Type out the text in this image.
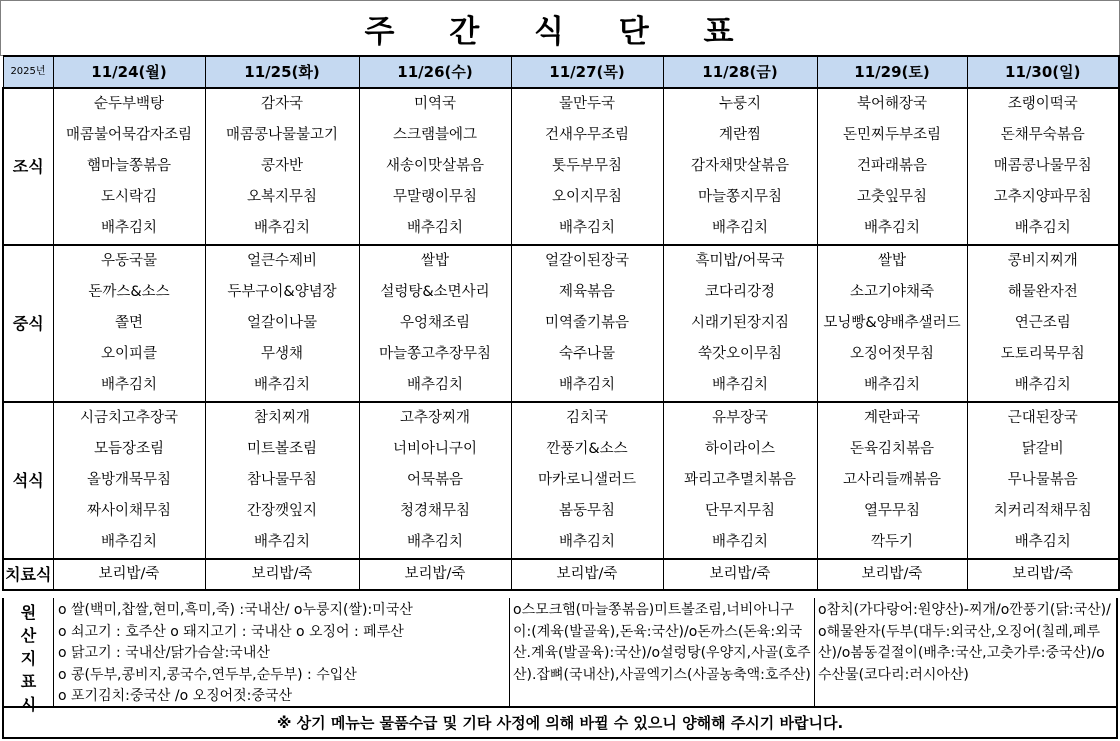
주 간 식 단 표
2025년	11/24(월)	11/25(화)	11/26(수)	11/27(목)	11/28(금)	11/29(토)	11/30(일)
조식	순두부백탕	감자국	미역국	물만두국	누룽지	북어해장국	조랭이떡국
	매콤불어묵감자조림	매콤콩나물불고기	스크램블에그	건새우무조림	계란찜	돈민찌두부조림	돈채무숙볶음
	햄마늘쫑볶음	콩자반	새송이맛살볶음	톳두부무침	감자채맛살볶음	건파래볶음	매콤콩나물무침
	도시락김	오복지무침	무말랭이무침	오이지무침	마늘쫑지무침	고춧잎무침	고추지양파무침
	배추김치	배추김치	배추김치	배추김치	배추김치	배추김치	배추김치
중식	우동국물	얼큰수제비	쌀밥	얼갈이된장국	흑미밥/어묵국	쌀밥	콩비지찌개
	돈까스&소스	두부구이&양념장	설렁탕&소면사리	제육볶음	코다리강정	소고기야채죽	해물완자전
	쫄면	얼갈이나물	우엉채조림	미역줄기볶음	시래기된장지짐	모닝빵&양배추샐러드	연근조림
	오이피클	무생채	마늘쫑고추장무침	숙주나물	쑥갓오이무침	오징어젓무침	도토리묵무침
	배추김치	배추김치	배추김치	배추김치	배추김치	배추김치	배추김치
석식	시금치고추장국	참치찌개	고추장찌개	김치국	유부장국	계란파국	근대된장국
	모듬장조림	미트볼조림	너비아니구이	깐풍기&소스	하이라이스	돈육김치볶음	닭갈비
	올방개묵무침	참나물무침	어묵볶음	마카로니샐러드	꽈리고추멸치볶음	고사리들깨볶음	무나물볶음
	짜사이채무침	간장깻잎지	청경채무침	봄동무침	단무지무침	열무무침	치커리적채무침
	배추김치	배추김치	배추김치	배추김치	배추김치	깍두기	배추김치
치료식	보리밥/죽	보리밥/죽	보리밥/죽	보리밥/죽	보리밥/죽	보리밥/죽	보리밥/죽
원
산
지
표
시
ο 쌀(백미,찹쌀,현미,흑미,죽) :국내산/ ο누룽지(쌀):미국산
ο 쇠고기 : 호주산 ο 돼지고기 : 국내산 ο 오징어 : 페루산
ο 닭고기 : 국내산/닭가슴살:국내산
ο 콩(두부,콩비지,콩국수,연두부,순두부) : 수입산
ο 포기김치:중국산 /ο 오징어젓:중국산
ο스모크햄(마늘쫑볶음)미트볼조림,너비아니구이:(계육(발골육),돈육:국산)/ο돈까스(돈육:외국산.계육(발골육):국산)/ο설렁탕(우양지,사골(호주산).잡뼈(국내산),사골엑기스(사골농축액:호주산)
ο참치(가다랑어:원양산)-찌개/ο깐풍기(닭:국산)/ο해물완자(두부(대두:외국산,오징어(칠레,페루산)/ο봄동겉절이(배추:국산,고춧가루:중국산)/ο수산물(코다리:러시아산)
※ 상기 메뉴는 물품수급 및 기타 사정에 의해 바뀔 수 있으니 양해해 주시기 바랍니다.
